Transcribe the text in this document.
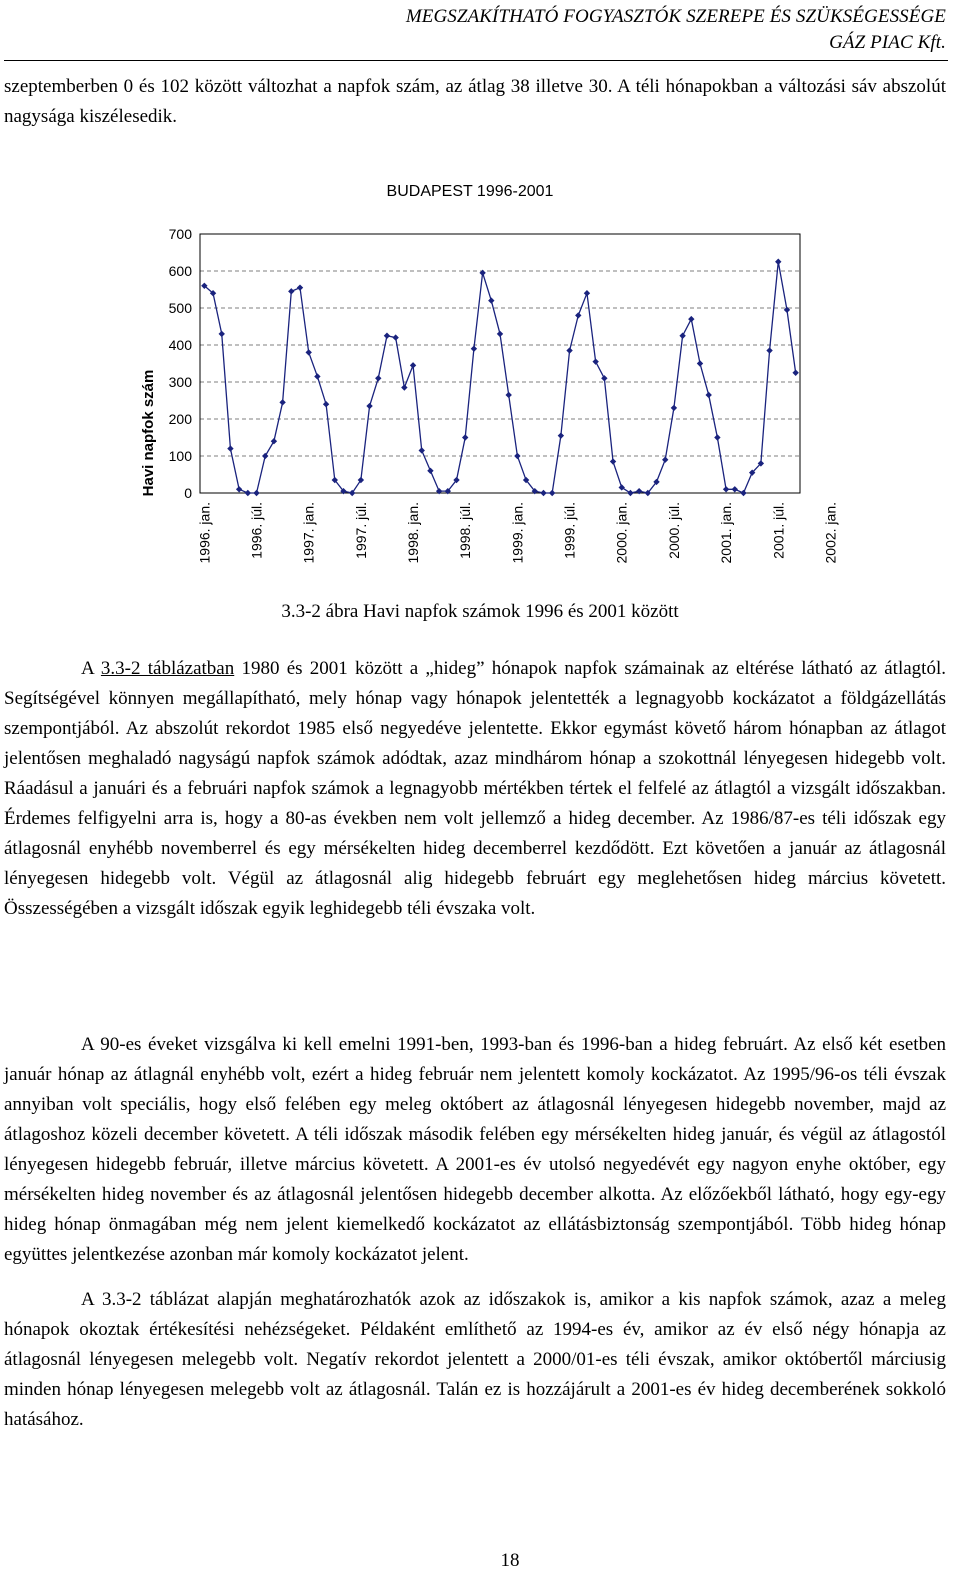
MEGSZAKÍTHATÓ FOGYASZTÓK SZEREPE ÉS SZÜKSÉGESSÉGE
GÁZ PIAC Kft.

szeptemberben 0 és 102 között változhat a napfok szám, az átlag 38 illetve 30. A téli hónapokban a változási sáv abszolút nagysága kiszélesedik.

BUDAPEST 1996-2001
Havi napfok szám 0
100
200
300
400
500
600
700
1996. jan.	1996. júl.	1997. jan.	1997. júl.	1998. jan.	1998. júl.	1999. jan.	1999. júl.	2000. jan.	2000. júl.	2001. jan.	2001. júl.	2002. jan.
3.3-2 ábra Havi napfok számok 1996 és 2001 között

A 3.3-2 táblázatban 1980 és 2001 között a „hideg” hónapok napfok számainak az eltérése látható az átlagtól. Segítségével könnyen megállapítható, mely hónap vagy hónapok jelentették a legnagyobb kockázatot a földgázellátás szempontjából. Az abszolút rekordot 1985 első negyedéve jelentette. Ekkor egymást követő három hónapban az átlagot jelentősen meghaladó nagyságú napfok számok adódtak, azaz mindhárom hónap a szokottnál lényegesen hidegebb volt. Ráadásul a januári és a februári napfok számok a legnagyobb mértékben tértek el felfelé az átlagtól a vizsgált időszakban. Érdemes felfigyelni arra is, hogy a 80-as években nem volt jellemző a hideg december. Az 1986/87-es téli időszak egy átlagosnál enyhébb novemberrel és egy mérsékelten hideg decemberrel kezdődött. Ezt követően a január az átlagosnál lényegesen hidegebb volt. Végül az átlagosnál alig hidegebb februárt egy meglehetősen hideg március követett. Összességében a vizsgált időszak egyik leghidegebb téli évszaka volt.

A 90-es éveket vizsgálva ki kell emelni 1991-ben, 1993-ban és 1996-ban a hideg februárt. Az első két esetben január hónap az átlagnál enyhébb volt, ezért a hideg február nem jelentett komoly kockázatot. Az 1995/96-os téli évszak annyiban volt speciális, hogy első felében egy meleg októbert az átlagosnál lényegesen hidegebb november, majd az átlagoshoz közeli december követett. A téli időszak második felében egy mérsékelten hideg január, és végül az átlagostól lényegesen hidegebb február, illetve március követett. A 2001-es év utolsó negyedévét egy nagyon enyhe október, egy mérsékelten hideg november és az átlagosnál jelentősen hidegebb december alkotta. Az előzőekből látható, hogy egy-egy hideg hónap önmagában még nem jelent kiemelkedő kockázatot az ellátásbiztonság szempontjából. Több hideg hónap együttes jelentkezése azonban már komoly kockázatot jelent.

A 3.3-2 táblázat alapján meghatározhatók azok az időszakok is, amikor a kis napfok számok, azaz a meleg hónapok okoztak értékesítési nehézségeket. Példaként említhető az 1994-es év, amikor az év első négy hónapja az átlagosnál lényegesen melegebb volt. Negatív rekordot jelentett a 2000/01-es téli évszak, amikor októbertől márciusig minden hónap lényegesen melegebb volt az átlagosnál. Talán ez is hozzájárult a 2001-es év hideg decemberének sokkoló hatásához.

18
